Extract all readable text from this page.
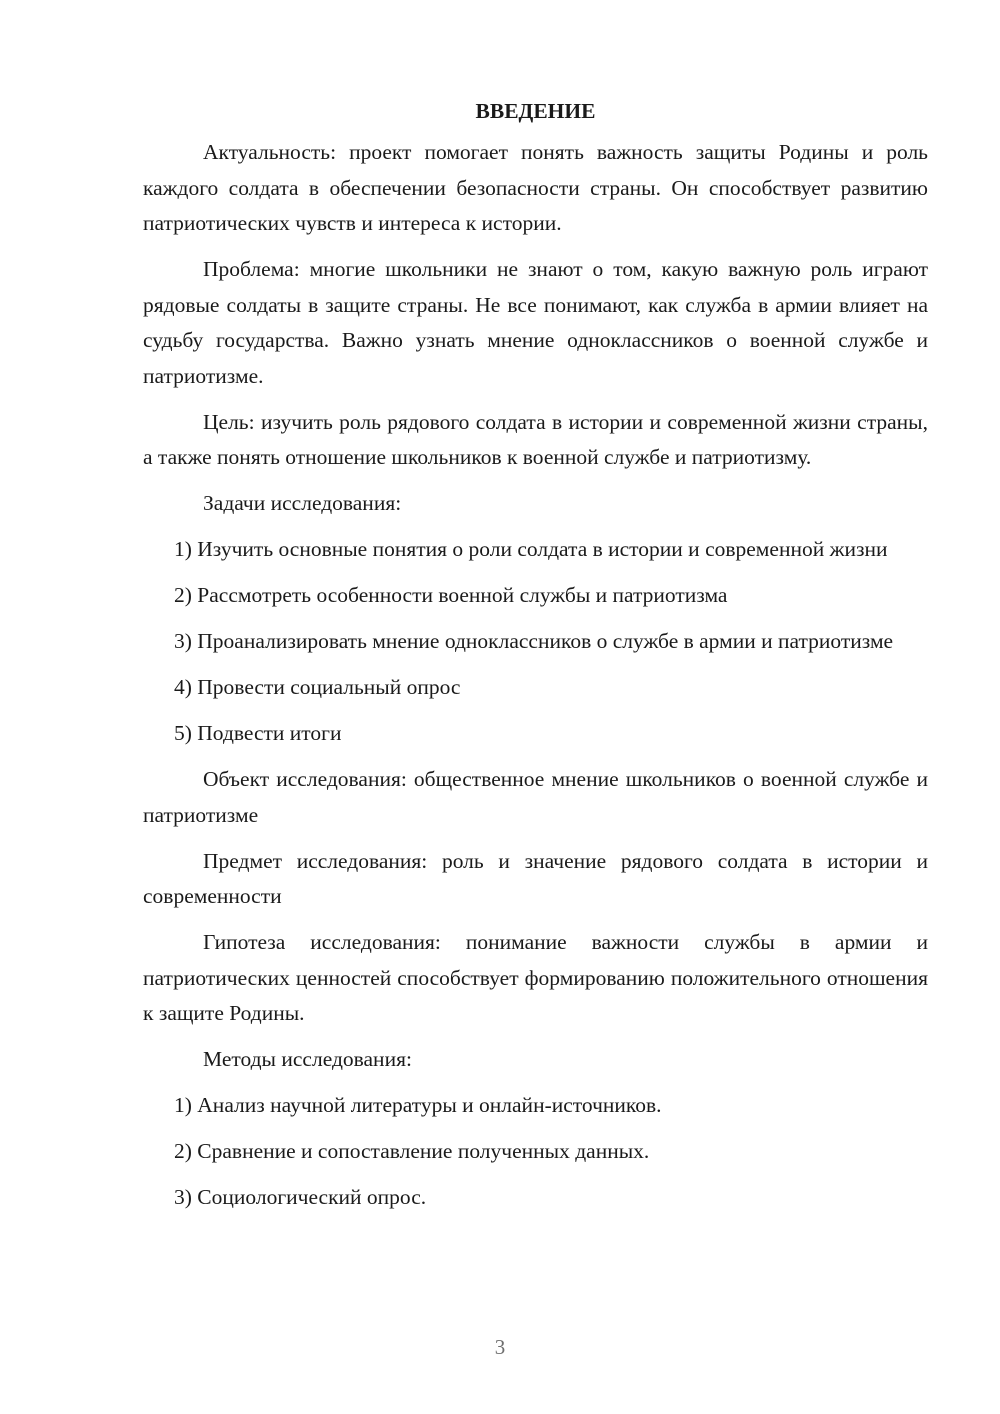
ВВЕДЕНИЕ

Актуальность: проект помогает понять важность защиты Родины и роль каждого солдата в обеспечении безопасности страны. Он способствует развитию патриотических чувств и интереса к истории.

Проблема: многие школьники не знают о том, какую важную роль играют рядовые солдаты в защите страны. Не все понимают, как служба в армии влияет на судьбу государства. Важно узнать мнение одноклассников о военной службе и патриотизме.

Цель: изучить роль рядового солдата в истории и современной жизни страны, а также понять отношение школьников к военной службе и патриотизму.

Задачи исследования:

1) Изучить основные понятия о роли солдата в истории и современной жизни

2) Рассмотреть особенности военной службы и патриотизма

3) Проанализировать мнение одноклассников о службе в армии и патриотизме

4) Провести социальный опрос

5) Подвести итоги

Объект исследования: общественное мнение школьников о военной службе и патриотизме

Предмет исследования: роль и значение рядового солдата в истории и современности

Гипотеза исследования: понимание важности службы в армии и патриотических ценностей способствует формированию положительного отношения к защите Родины.

Методы исследования:

1) Анализ научной литературы и онлайн-источников.

2) Сравнение и сопоставление полученных данных.

3) Социологический опрос.

3
